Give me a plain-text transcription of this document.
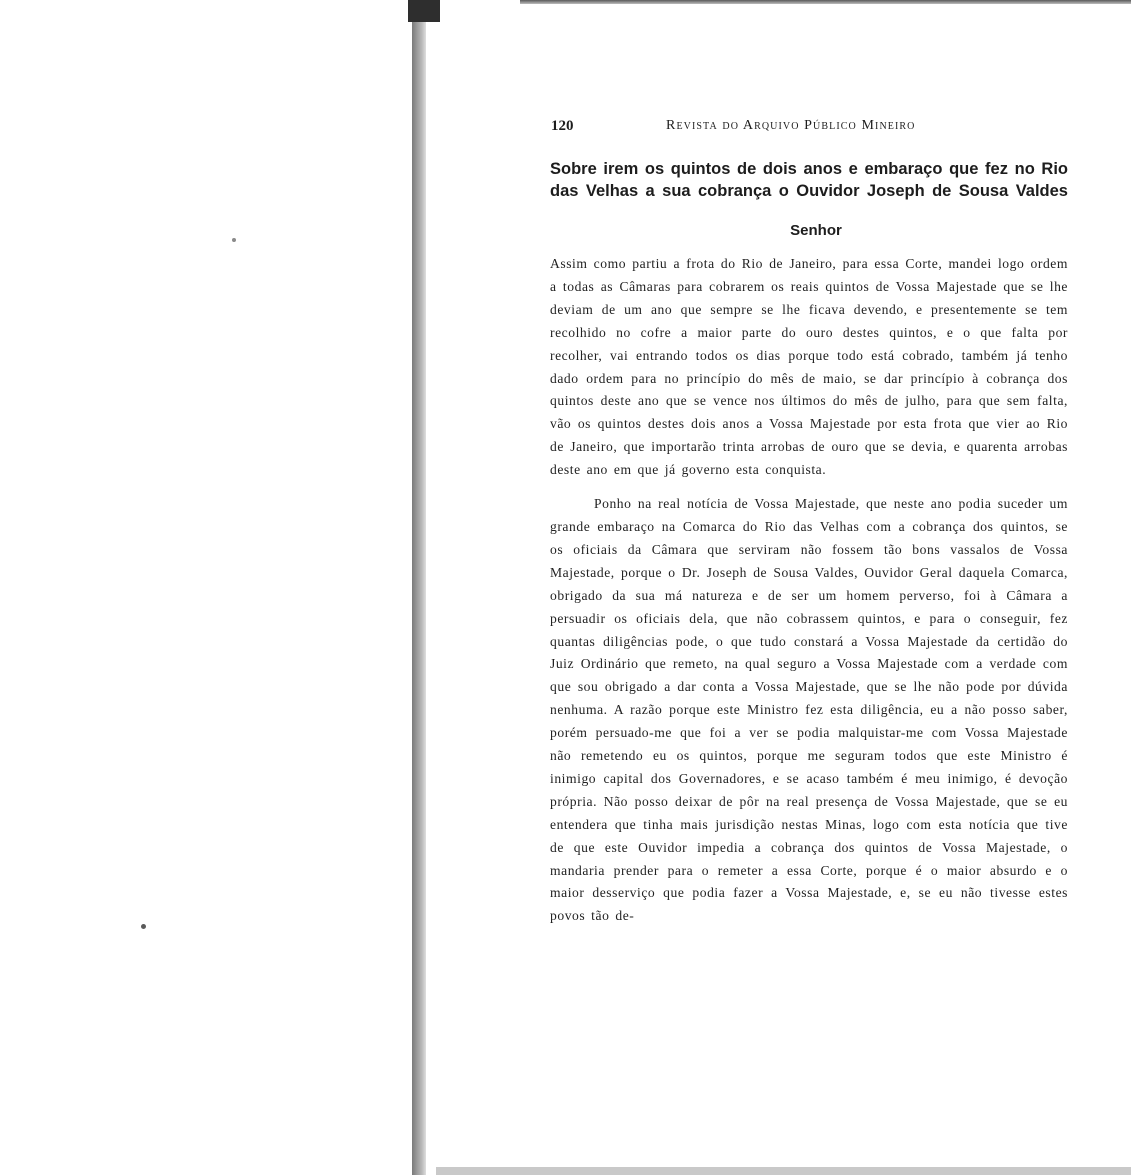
120	Revista do Arquivo Público Mineiro
Sobre irem os quintos de dois anos e embaraço que fez no Rio das Velhas a sua cobrança o Ouvidor Joseph de Sousa Valdes
Senhor

Assim como partiu a frota do Rio de Janeiro, para essa Corte, mandei logo ordem a todas as Câmaras para cobrarem os reais quintos de Vossa Majestade que se lhe deviam de um ano que sempre se lhe ficava devendo, e presentemente se tem recolhido no cofre a maior parte do ouro destes quintos, e o que falta por recolher, vai entrando todos os dias porque todo está cobrado, também já tenho dado ordem para no princípio do mês de maio, se dar princípio à cobrança dos quintos deste ano que se vence nos últimos do mês de julho, para que sem falta, vão os quintos destes dois anos a Vossa Majestade por esta frota que vier ao Rio de Janeiro, que importarão trinta arrobas de ouro que se devia, e quarenta arrobas deste ano em que já governo esta conquista.

Ponho na real notícia de Vossa Majestade, que neste ano podia suceder um grande embaraço na Comarca do Rio das Velhas com a cobrança dos quintos, se os oficiais da Câmara que serviram não fossem tão bons vassalos de Vossa Majestade, porque o Dr. Joseph de Sousa Valdes, Ouvidor Geral daquela Comarca, obrigado da sua má natureza e de ser um homem perverso, foi à Câmara a persuadir os oficiais dela, que não cobrassem quintos, e para o conseguir, fez quantas diligências pode, o que tudo constará a Vossa Majestade da certidão do Juiz Ordinário que remeto, na qual seguro a Vossa Majestade com a verdade com que sou obrigado a dar conta a Vossa Majestade, que se lhe não pode por dúvida nenhuma. A razão porque este Ministro fez esta diligência, eu a não posso saber, porém persuado-me que foi a ver se podia malquistar-me com Vossa Majestade não remetendo eu os quintos, porque me seguram todos que este Ministro é inimigo capital dos Governadores, e se acaso também é meu inimigo, é devoção própria. Não posso deixar de pôr na real presença de Vossa Majestade, que se eu entendera que tinha mais jurisdição nestas Minas, logo com esta notícia que tive de que este Ouvidor impedia a cobrança dos quintos de Vossa Majestade, o mandaria prender para o remeter a essa Corte, porque é o maior absurdo e o maior desserviço que podia fazer a Vossa Majestade, e, se eu não tivesse estes povos tão de-
